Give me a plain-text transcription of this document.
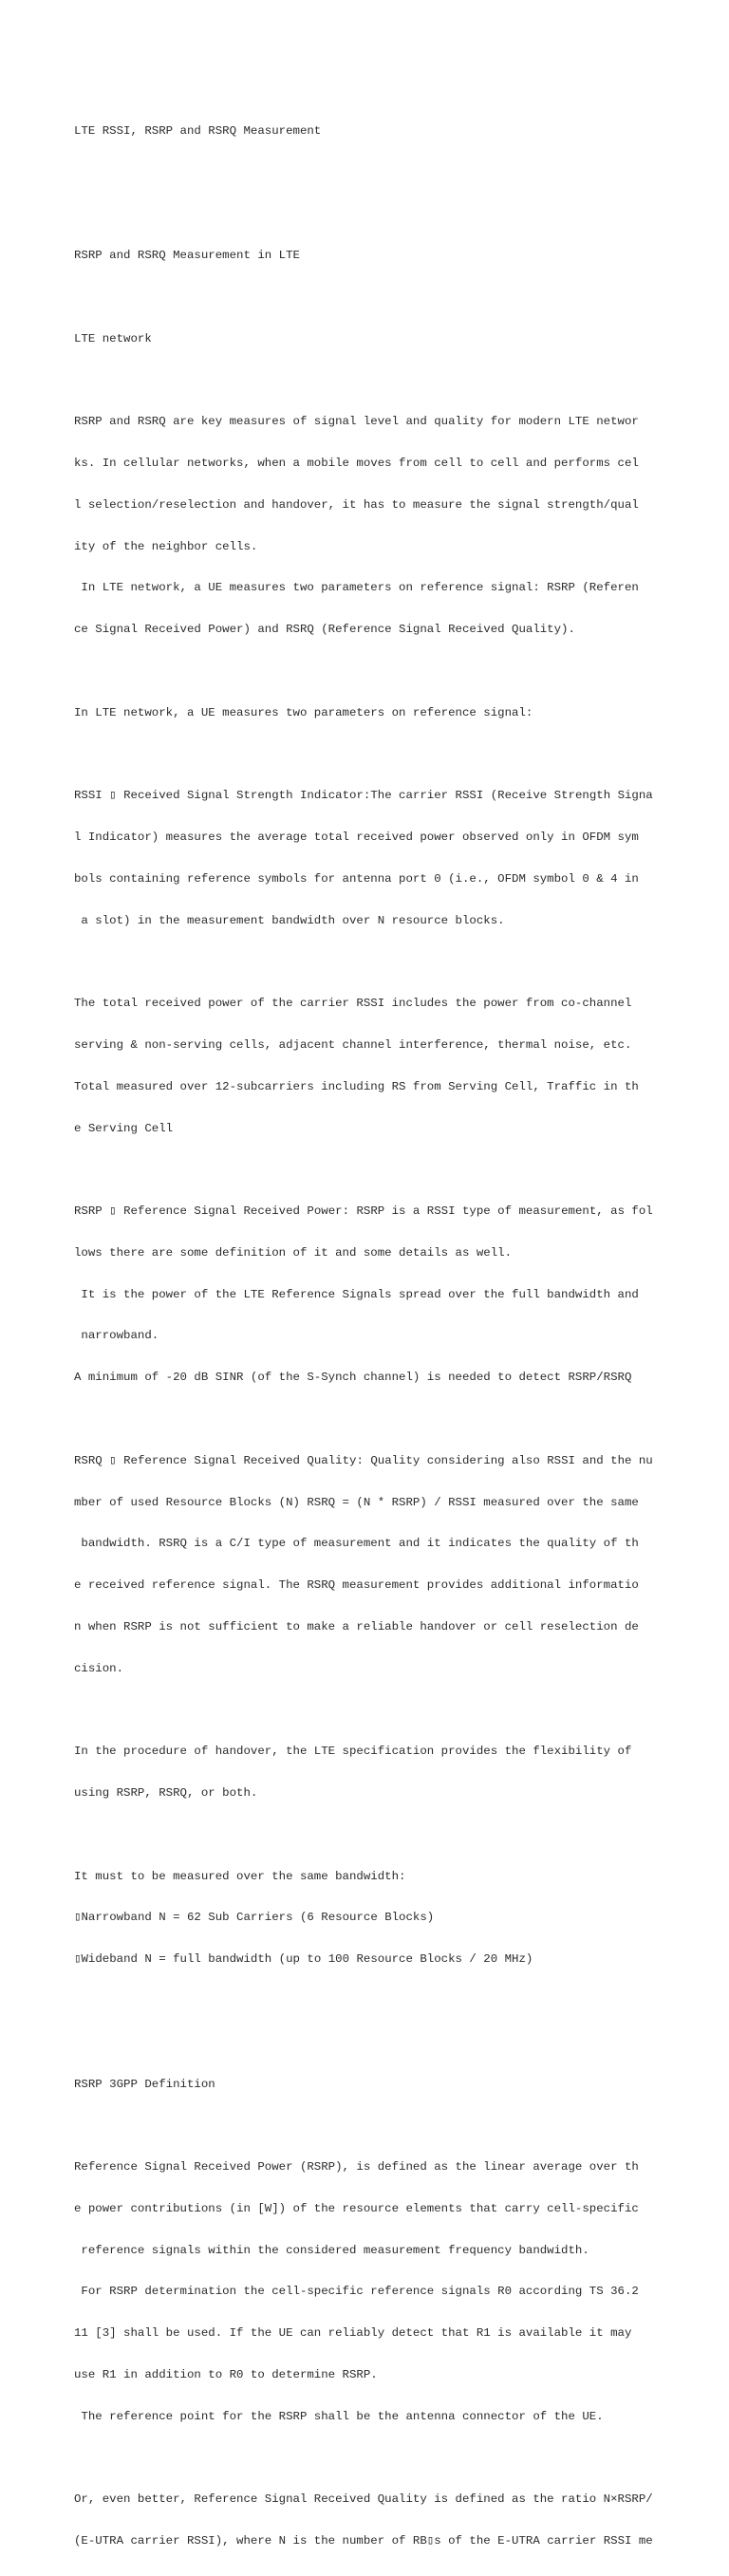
LTE RSSI, RSRP and RSRQ Measurement

RSRP and RSRQ Measurement in LTE

LTE network

RSRP and RSRQ are key measures of signal level and quality for modern LTE networ

ks. In cellular networks, when a mobile moves from cell to cell and performs cel

l selection/reselection and handover, it has to measure the signal strength/qual

ity of the neighbor cells.

In LTE network, a UE measures two parameters on reference signal: RSRP (Referen

ce Signal Received Power) and RSRQ (Reference Signal Received Quality).

In LTE network, a UE measures two parameters on reference signal:

RSSI ▯ Received Signal Strength Indicator:The carrier RSSI (Receive Strength Signa

l Indicator) measures the average total received power observed only in OFDM sym

bols containing reference symbols for antenna port 0 (i.e., OFDM symbol 0 & 4 in

a slot) in the measurement bandwidth over N resource blocks.

The total received power of the carrier RSSI includes the power from co-channel

serving & non-serving cells, adjacent channel interference, thermal noise, etc.

Total measured over 12-subcarriers including RS from Serving Cell, Traffic in th

e Serving Cell

RSRP ▯ Reference Signal Received Power: RSRP is a RSSI type of measurement, as fol

lows there are some definition of it and some details as well.

It is the power of the LTE Reference Signals spread over the full bandwidth and

narrowband.

A minimum of -20 dB SINR (of the S-Synch channel) is needed to detect RSRP/RSRQ

RSRQ ▯ Reference Signal Received Quality: Quality considering also RSSI and the nu

mber of used Resource Blocks (N) RSRQ = (N * RSRP) / RSSI measured over the same

bandwidth. RSRQ is a C/I type of measurement and it indicates the quality of th

e received reference signal. The RSRQ measurement provides additional informatio

n when RSRP is not sufficient to make a reliable handover or cell reselection de

cision.

In the procedure of handover, the LTE specification provides the flexibility of

using RSRP, RSRQ, or both.

It must to be measured over the same bandwidth:

▯Narrowband N = 62 Sub Carriers (6 Resource Blocks)

▯Wideband N = full bandwidth (up to 100 Resource Blocks / 20 MHz)

RSRP 3GPP Definition

Reference Signal Received Power (RSRP), is defined as the linear average over th

e power contributions (in [W]) of the resource elements that carry cell-specific

reference signals within the considered measurement frequency bandwidth.

For RSRP determination the cell-specific reference signals R0 according TS 36.2

11 [3] shall be used. If the UE can reliably detect that R1 is available it may

use R1 in addition to R0 to determine RSRP.

The reference point for the RSRP shall be the antenna connector of the UE.

Or, even better, Reference Signal Received Quality is defined as the ratio N×RSRP/

(E-UTRA carrier RSSI), where N is the number of RB▯s of the E-UTRA carrier RSSI me
